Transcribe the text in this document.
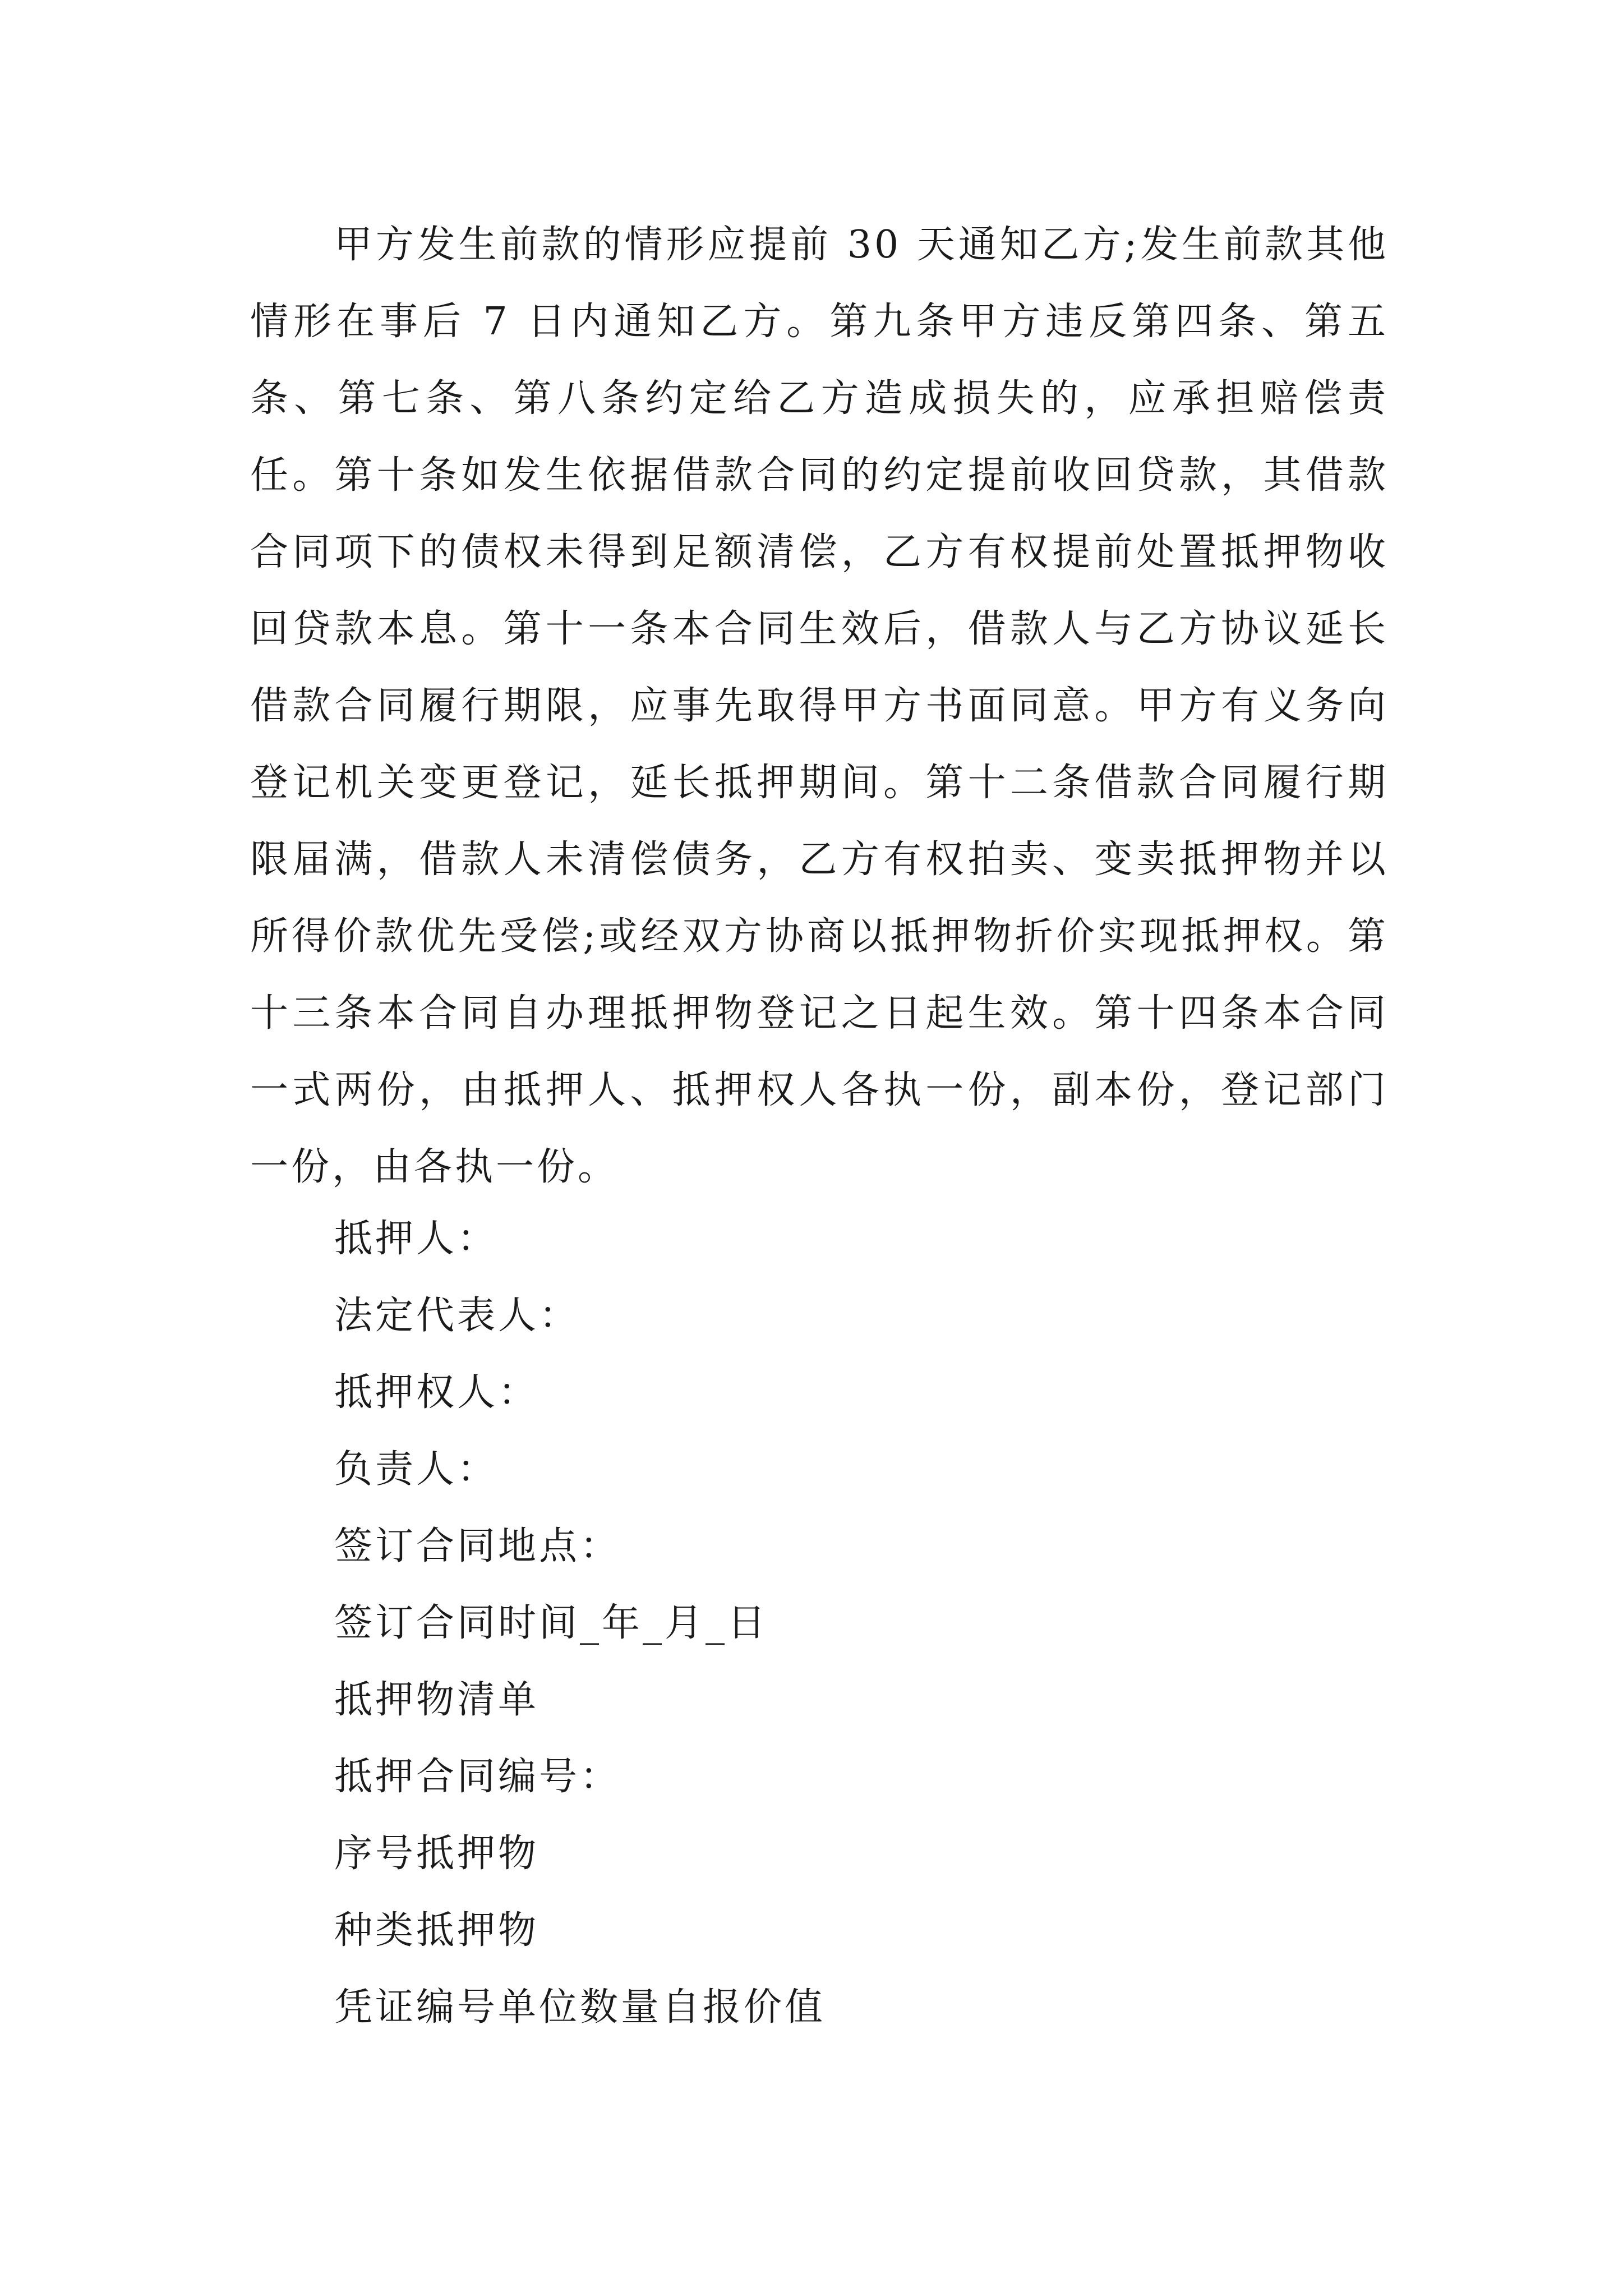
甲方发生前款的情形应提前 30 天通知乙方;发生前款其他情形在事后 7 日内通知乙方。第九条甲方违反第四条、第五条、第七条、第八条约定给乙方造成损失的，应承担赔偿责任。第十条如发生依据借款合同的约定提前收回贷款，其借款合同项下的债权未得到足额清偿，乙方有权提前处置抵押物收回贷款本息。第十一条本合同生效后，借款人与乙方协议延长借款合同履行期限，应事先取得甲方书面同意。甲方有义务向登记机关变更登记，延长抵押期间。第十二条借款合同履行期限届满，借款人未清偿债务，乙方有权拍卖、变卖抵押物并以所得价款优先受偿;或经双方协商以抵押物折价实现抵押权。第十三条本合同自办理抵押物登记之日起生效。第十四条本合同一式两份，由抵押人、抵押权人各执一份，副本份，登记部门一份，由各执一份。

抵押人：
法定代表人：
抵押权人：
负责人：
签订合同地点：
签订合同时间_年_月_日
抵押物清单
抵押合同编号：
序号抵押物
种类抵押物
凭证编号单位数量自报价值
